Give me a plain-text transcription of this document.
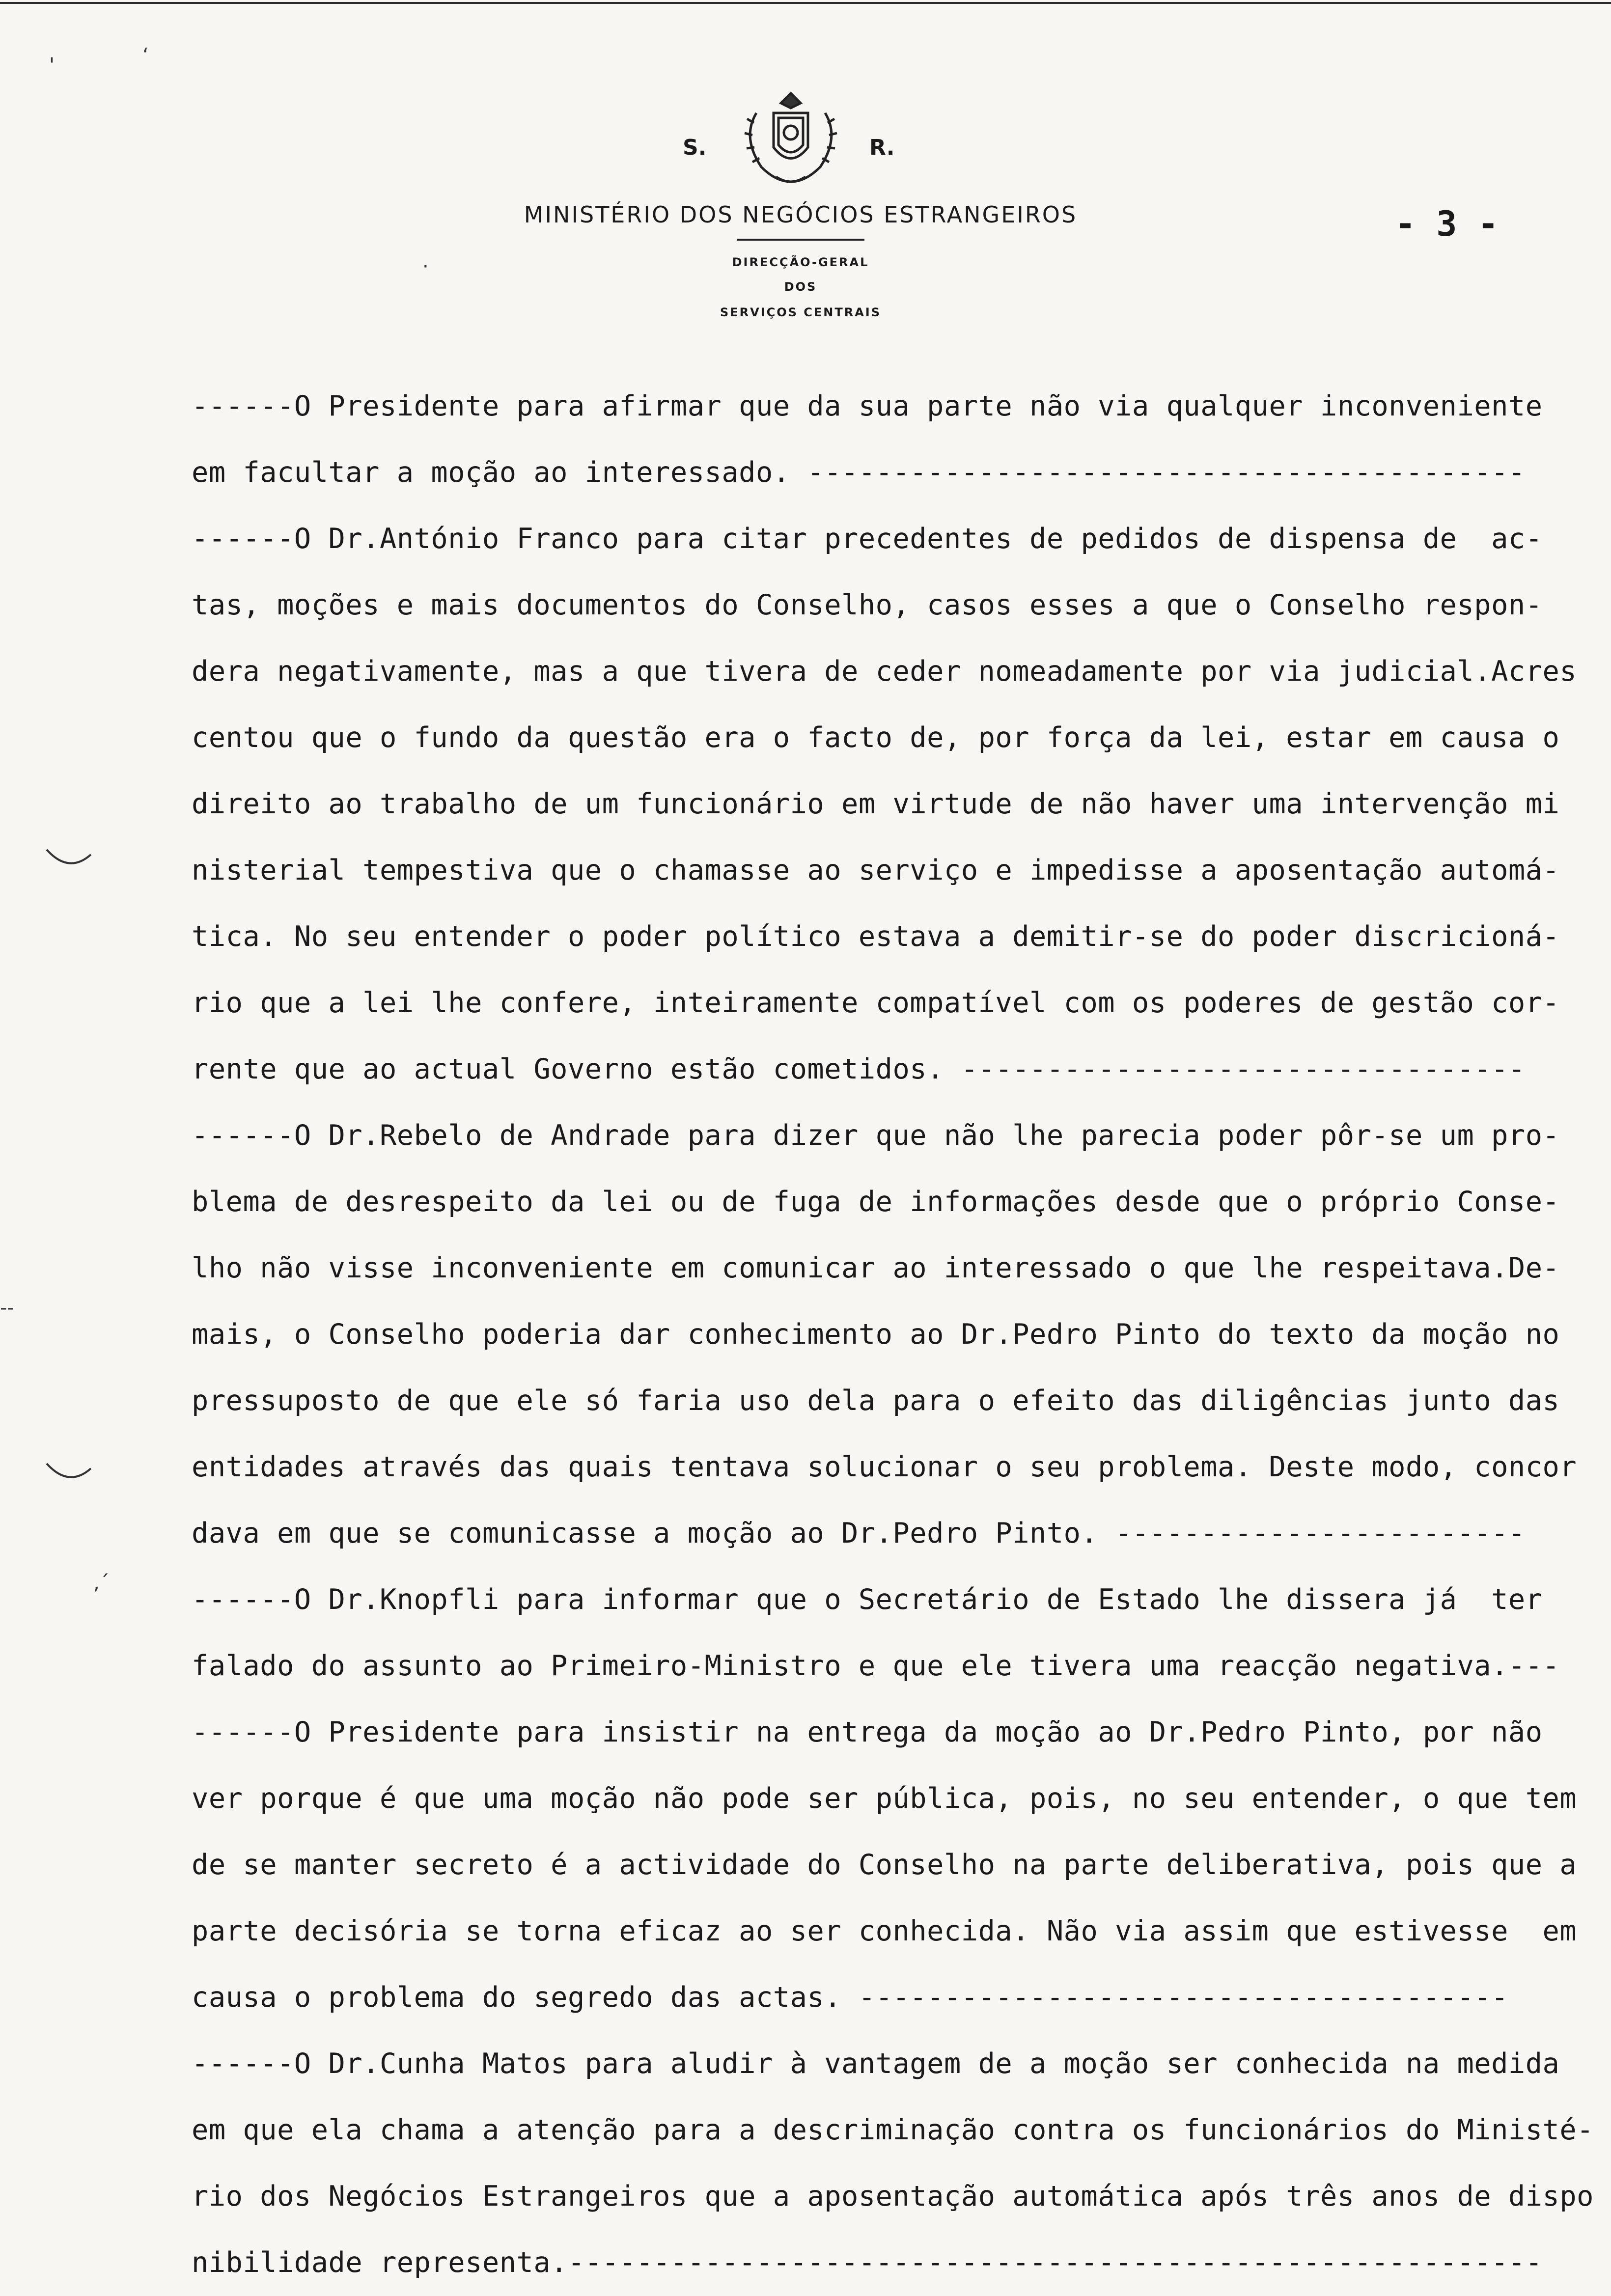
'	‘
·
--
,´
S.	R.
MINISTÉRIO DOS NEGÓCIOS ESTRANGEIROS
DIRECÇÃO-GERAL
DOS
SERVIÇOS CENTRAIS
- 3 -
------O Presidente para afirmar que da sua parte não via qualquer inconveniente
em facultar a moção ao interessado. ------------------------------------------
------O Dr.António Franco para citar precedentes de pedidos de dispensa de  ac-
tas, moções e mais documentos do Conselho, casos esses a que o Conselho respon-
dera negativamente, mas a que tivera de ceder nomeadamente por via judicial.Acres
centou que o fundo da questão era o facto de, por força da lei, estar em causa o
direito ao trabalho de um funcionário em virtude de não haver uma intervenção mi
nisterial tempestiva que o chamasse ao serviço e impedisse a aposentação automá-
tica. No seu entender o poder político estava a demitir-se do poder discricioná-
rio que a lei lhe confere, inteiramente compatível com os poderes de gestão cor-
rente que ao actual Governo estão cometidos. ---------------------------------
------O Dr.Rebelo de Andrade para dizer que não lhe parecia poder pôr-se um pro-
blema de desrespeito da lei ou de fuga de informações desde que o próprio Conse-
lho não visse inconveniente em comunicar ao interessado o que lhe respeitava.De-
mais, o Conselho poderia dar conhecimento ao Dr.Pedro Pinto do texto da moção no
pressuposto de que ele só faria uso dela para o efeito das diligências junto das
entidades através das quais tentava solucionar o seu problema. Deste modo, concor
dava em que se comunicasse a moção ao Dr.Pedro Pinto. ------------------------
------O Dr.Knopfli para informar que o Secretário de Estado lhe dissera já  ter
falado do assunto ao Primeiro-Ministro e que ele tivera uma reacção negativa.---
------O Presidente para insistir na entrega da moção ao Dr.Pedro Pinto, por não
ver porque é que uma moção não pode ser pública, pois, no seu entender, o que tem
de se manter secreto é a actividade do Conselho na parte deliberativa, pois que a
parte decisória se torna eficaz ao ser conhecida. Não via assim que estivesse  em
causa o problema do segredo das actas. --------------------------------------
------O Dr.Cunha Matos para aludir à vantagem de a moção ser conhecida na medida
em que ela chama a atenção para a descriminação contra os funcionários do Ministé-
rio dos Negócios Estrangeiros que a aposentação automática após três anos de dispo
nibilidade representa.---------------------------------------------------------
